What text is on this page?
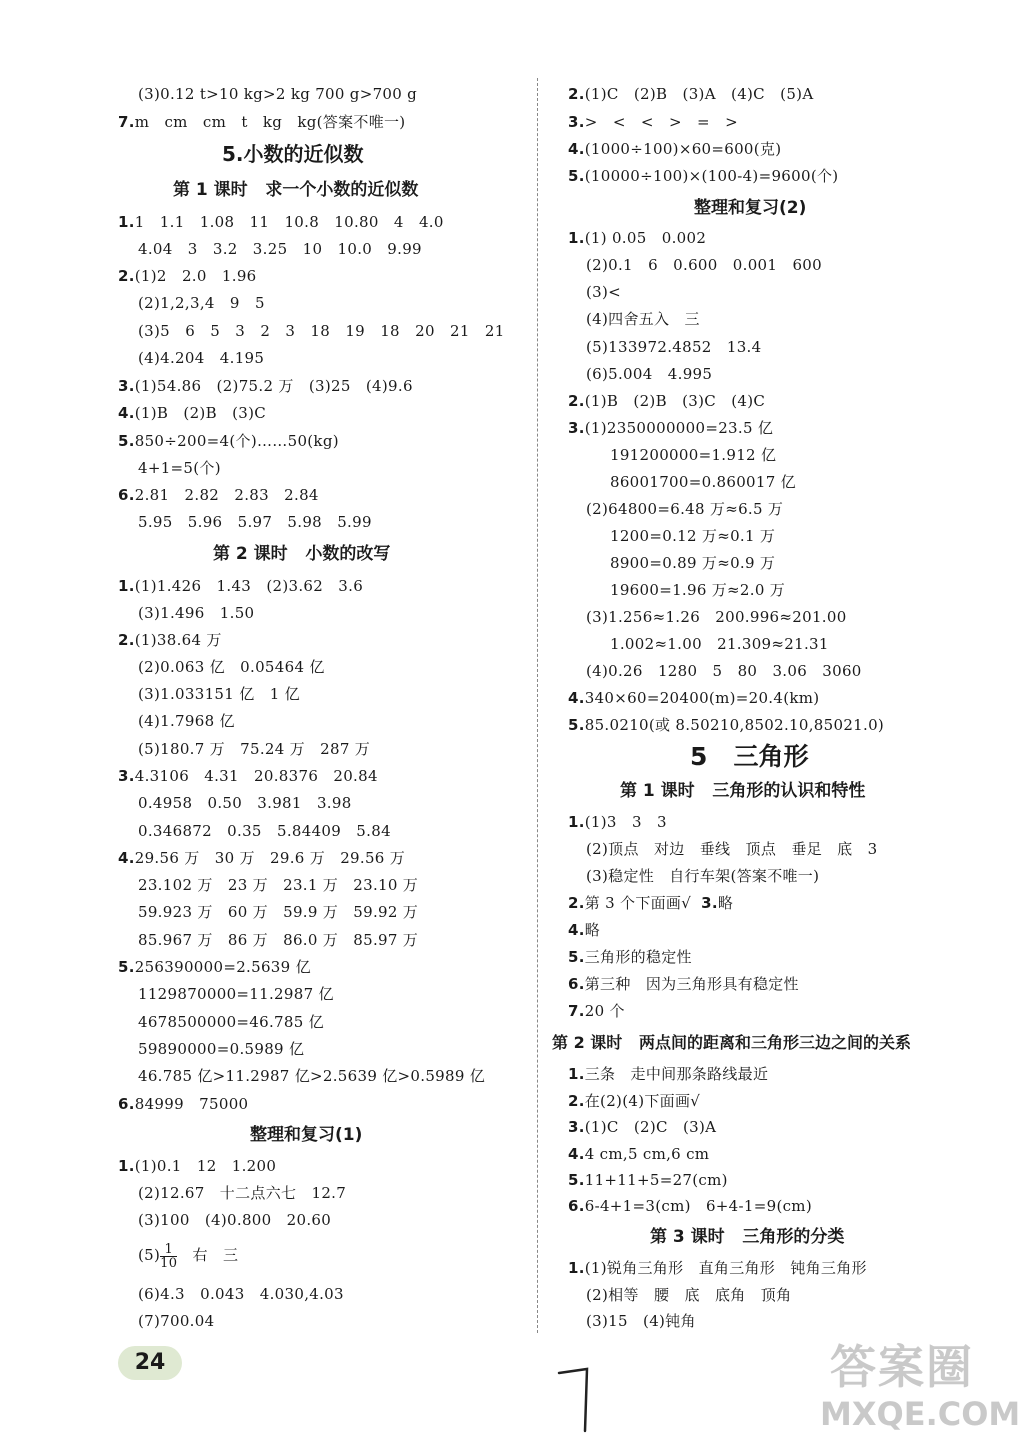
(3)0.12 t>10 kg>2 kg 700 g>700 g
7.m   cm   cm   t   kg   kg(答案不唯一)
5.小数的近似数
第 1 课时   求一个小数的近似数
1.1   1.1   1.08   11   10.8   10.80   4   4.0
4.04   3   3.2   3.25   10   10.0   9.99
2.(1)2   2.0   1.96
(2)1,2,3,4   9   5
(3)5   6   5   3   2   3   18   19   18   20   21   21
(4)4.204   4.195
3.(1)54.86   (2)75.2 万   (3)25   (4)9.6
4.(1)B   (2)B   (3)C
5.850÷200=4(个)……50(kg)
4+1=5(个)
6.2.81   2.82   2.83   2.84
5.95   5.96   5.97   5.98   5.99
第 2 课时   小数的改写
1.(1)1.426   1.43   (2)3.62   3.6
(3)1.496   1.50
2.(1)38.64 万
(2)0.063 亿   0.05464 亿
(3)1.033151 亿   1 亿
(4)1.7968 亿
(5)180.7 万   75.24 万   287 万
3.4.3106   4.31   20.8376   20.84
0.4958   0.50   3.981   3.98
0.346872   0.35   5.84409   5.84
4.29.56 万   30 万   29.6 万   29.56 万
23.102 万   23 万   23.1 万   23.10 万
59.923 万   60 万   59.9 万   59.92 万
85.967 万   86 万   86.0 万   85.97 万
5.256390000=2.5639 亿
1129870000=11.2987 亿
4678500000=46.785 亿
59890000=0.5989 亿
46.785 亿>11.2987 亿>2.5639 亿>0.5989 亿
6.84999   75000
整理和复习(1)
1.(1)0.1   12   1.200
(2)12.67   十二点六七   12.7
(3)100   (4)0.800   20.60
$(5) \frac{1}{10}$ 右   三
(6)4.3   0.043   4.030,4.03
(7)700.04
2.(1)C   (2)B   (3)A   (4)C   (5)A
3.>   <   <   >   =   >
4.(1000÷100)×60=600(克)
5.(10000÷100)×(100-4)=9600(个)
整理和复习(2)
1.(1) 0.05   0.002
(2)0.1   6   0.600   0.001   600
(3)<
(4)四舍五入   三
(5)133972.4852   13.4
(6)5.004   4.995
2.(1)B   (2)B   (3)C   (4)C
3.(1)2350000000=23.5 亿
191200000=1.912 亿
86001700=0.860017 亿
(2)64800=6.48 万≈6.5 万
1200=0.12 万≈0.1 万
8900=0.89 万≈0.9 万
19600=1.96 万≈2.0 万
(3)1.256≈1.26   200.996≈201.00
1.002≈1.00   21.309≈21.31
(4)0.26   1280   5   80   3.06   3060
4.340×60=20400(m)=20.4(km)
5.85.0210(或 8.50210,8502.10,85021.0)
5   三角形
第 1 课时   三角形的认识和特性
1.(1)3   3   3
(2)顶点   对边   垂线   顶点   垂足   底   3
(3)稳定性   自行车架(答案不唯一)
2.第 3 个下面画√ 3.略
4.略
5.三角形的稳定性
6.第三种   因为三角形具有稳定性
7.20 个
第 2 课时   两点间的距离和三角形三边之间的关系
1.三条   走中间那条路线最近
2.在(2)(4)下面画√
3.(1)C   (2)C   (3)A
4.4 cm,5 cm,6 cm
5.11+11+5=27(cm)
6.6-4+1=3(cm)   6+4-1=9(cm)
第 3 课时   三角形的分类
1.(1)锐角三角形   直角三角形   钝角三角形
(2)相等   腰   底   底角   顶角
(3)15   (4)钝角
24	答案圈
MXQE.COM
